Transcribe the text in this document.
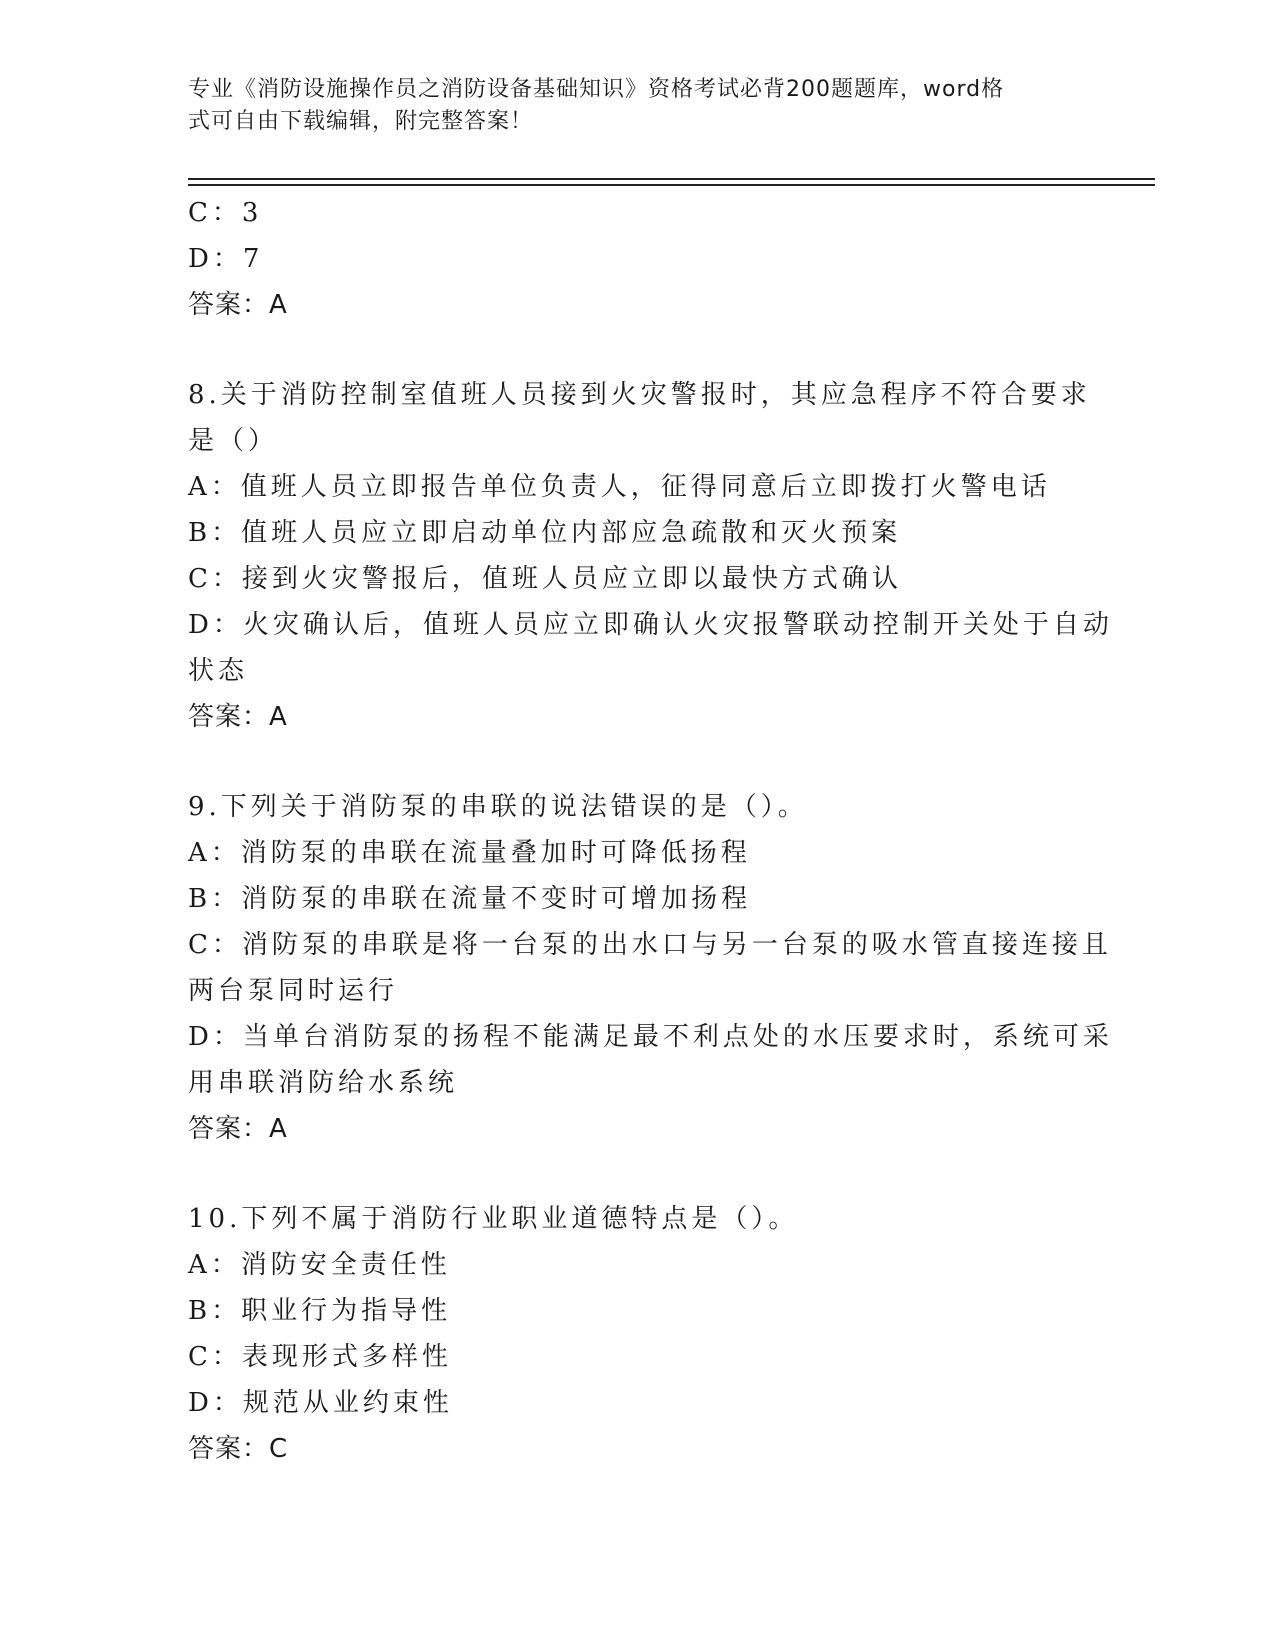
专业《消防设施操作员之消防设备基础知识》资格考试必背200题题库，word格
式可自由下载编辑，附完整答案！
C：3
D：7
答案：A
8.关于消防控制室值班人员接到火灾警报时，其应急程序不符合要求
是（）
A：值班人员立即报告单位负责人，征得同意后立即拨打火警电话
B：值班人员应立即启动单位内部应急疏散和灭火预案
C：接到火灾警报后，值班人员应立即以最快方式确认
D：火灾确认后，值班人员应立即确认火灾报警联动控制开关处于自动
状态
答案：A
9.下列关于消防泵的串联的说法错误的是（）。
A：消防泵的串联在流量叠加时可降低扬程
B：消防泵的串联在流量不变时可增加扬程
C：消防泵的串联是将一台泵的出水口与另一台泵的吸水管直接连接且
两台泵同时运行
D：当单台消防泵的扬程不能满足最不利点处的水压要求时，系统可采
用串联消防给水系统
答案：A
10.下列不属于消防行业职业道德特点是（）。
A：消防安全责任性
B：职业行为指导性
C：表现形式多样性
D：规范从业约束性
答案：C
